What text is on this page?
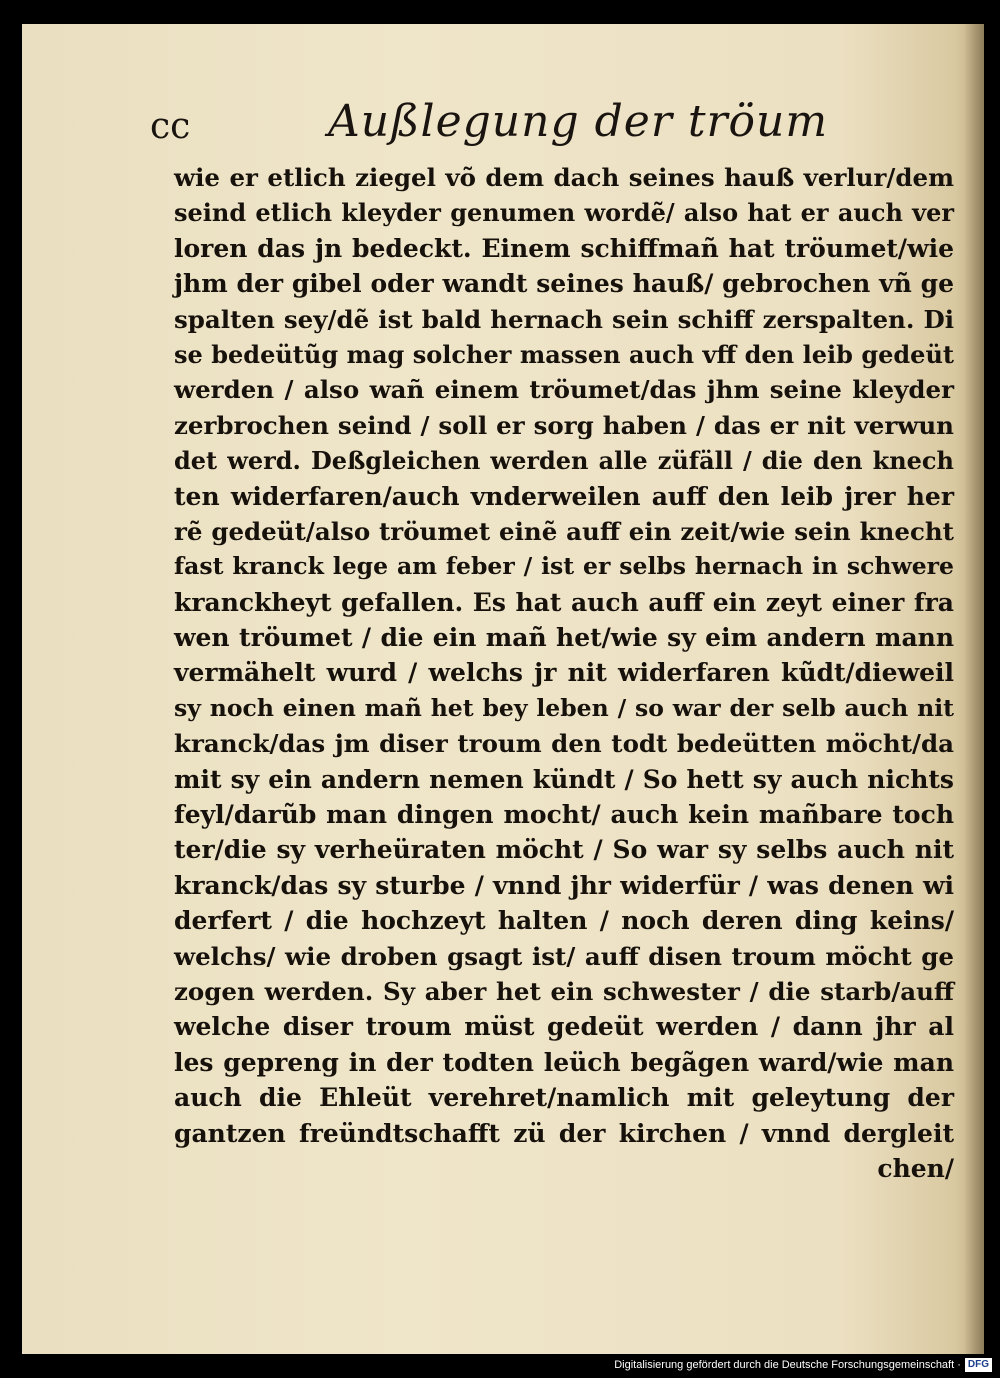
cc	Außlegung der tröum
wie er etlich ziegel võ dem dach seines hauß verlur/dem
seind etlich kleyder genumen wordẽ/ also hat er auch ver
loren das jn bedeckt. Einem schiffmañ hat tröumet/wie
jhm der gibel oder wandt seines hauß/ gebrochen vñ ge
spalten sey/dẽ ist bald hernach sein schiff zerspalten. Di
se bedeütũg mag solcher massen auch vff den leib gedeüt
werden / also wañ einem tröumet/das jhm seine kleyder
zerbrochen seind / soll er sorg haben / das er nit verwun
det werd. Deßgleichen werden alle züfäll / die den knech
ten widerfaren/auch vnderweilen auff den leib jrer her
rẽ gedeüt/also tröumet einẽ auff ein zeit/wie sein knecht
fast kranck lege am feber / ist er selbs hernach in schwere
kranckheyt gefallen. Es hat auch auff ein zeyt einer fra
wen tröumet / die ein mañ het/wie sy eim andern mann
vermähelt wurd / welchs jr nit widerfaren kũdt/dieweil
sy noch einen mañ het bey leben / so war der selb auch nit
kranck/das jm diser troum den todt bedeütten möcht/da
mit sy ein andern nemen kündt / So hett sy auch nichts
feyl/darũb man dingen mocht/ auch kein mañbare toch
ter/die sy verheüraten möcht / So war sy selbs auch nit
kranck/das sy sturbe / vnnd jhr widerfür / was denen wi
derfert / die hochzeyt halten / noch deren ding keins/
welchs/ wie droben gsagt ist/ auff disen troum möcht ge
zogen werden. Sy aber het ein schwester / die starb/auff
welche diser troum müst gedeüt werden / dann jhr al
les gepreng in der todten leüch begãgen ward/wie man
auch die Ehleüt verehret/namlich mit geleytung der
gantzen freündtschafft zü der kirchen / vnnd dergleit
chen/
Digitalisierung gefördert durch die Deutsche Forschungsgemeinschaft · DFG
